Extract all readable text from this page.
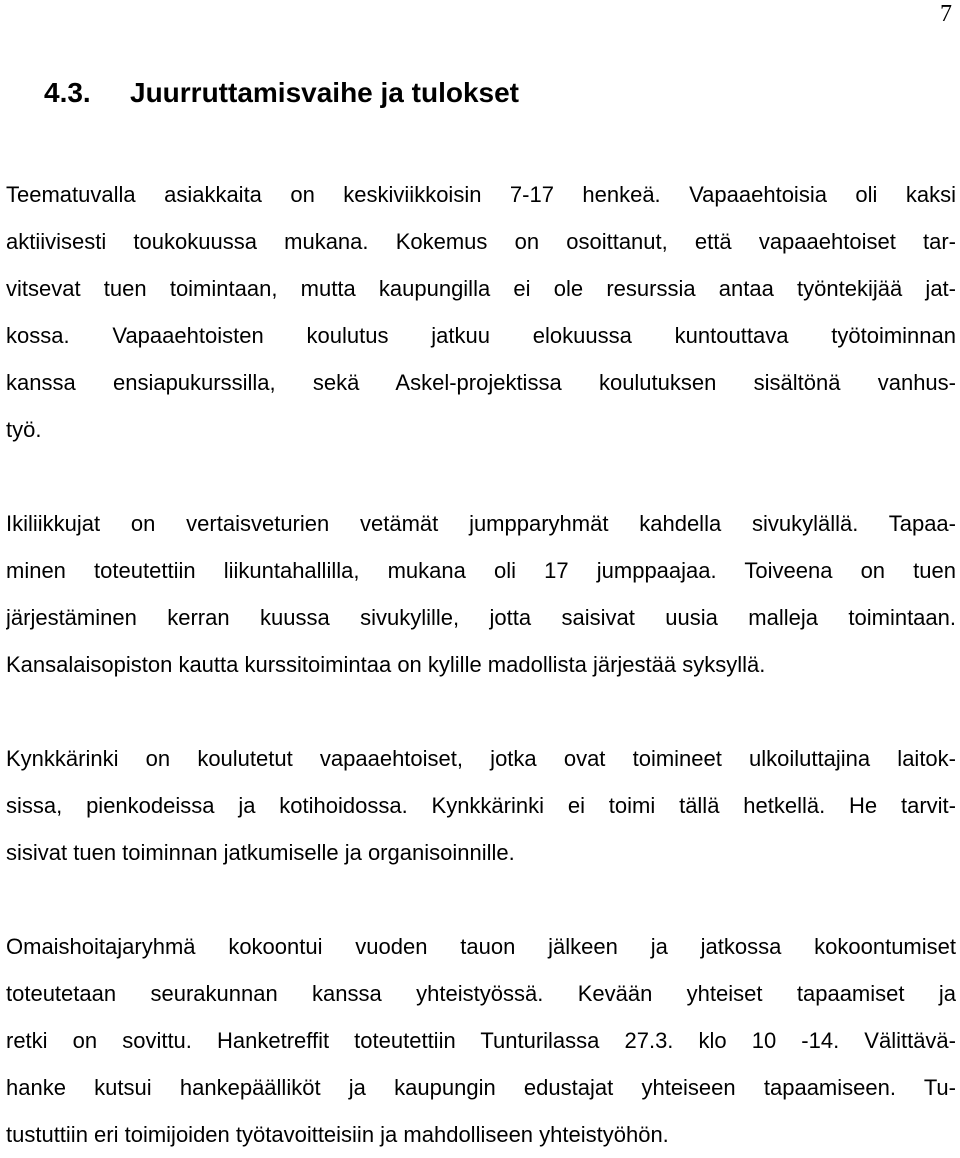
7
4.3. Juurruttamisvaihe ja tulokset
Teematuvalla asiakkaita on keskiviikkoisin 7-17 henkeä. Vapaaehtoisia oli kaksi
aktiivisesti toukokuussa mukana. Kokemus on osoittanut, että vapaaehtoiset tar-
vitsevat tuen toimintaan, mutta kaupungilla ei ole resurssia antaa työntekijää jat-
kossa. Vapaaehtoisten koulutus jatkuu elokuussa kuntouttava työtoiminnan
kanssa ensiapukurssilla, sekä Askel-projektissa koulutuksen sisältönä vanhus-
työ.
Ikiliikkujat on vertaisveturien vetämät jumpparyhmät kahdella sivukylällä. Tapaa-
minen toteutettiin liikuntahallilla, mukana oli 17 jumppaajaa. Toiveena on tuen
järjestäminen kerran kuussa sivukylille, jotta saisivat uusia malleja toimintaan.
Kansalaisopiston kautta kurssitoimintaa on kylille madollista järjestää syksyllä.
Kynkkärinki on koulutetut vapaaehtoiset, jotka ovat toimineet ulkoiluttajina laitok-
sissa, pienkodeissa ja kotihoidossa. Kynkkärinki ei toimi tällä hetkellä. He tarvit-
sisivat tuen toiminnan jatkumiselle ja organisoinnille.
Omaishoitajaryhmä kokoontui vuoden tauon jälkeen ja jatkossa kokoontumiset
toteutetaan seurakunnan kanssa yhteistyössä. Kevään yhteiset tapaamiset ja
retki on sovittu. Hanketreffit toteutettiin Tunturilassa 27.3. klo 10 -14. Välittävä-
hanke kutsui hankepäälliköt ja kaupungin edustajat yhteiseen tapaamiseen. Tu-
tustuttiin eri toimijoiden työtavoitteisiin ja mahdolliseen yhteistyöhön.
